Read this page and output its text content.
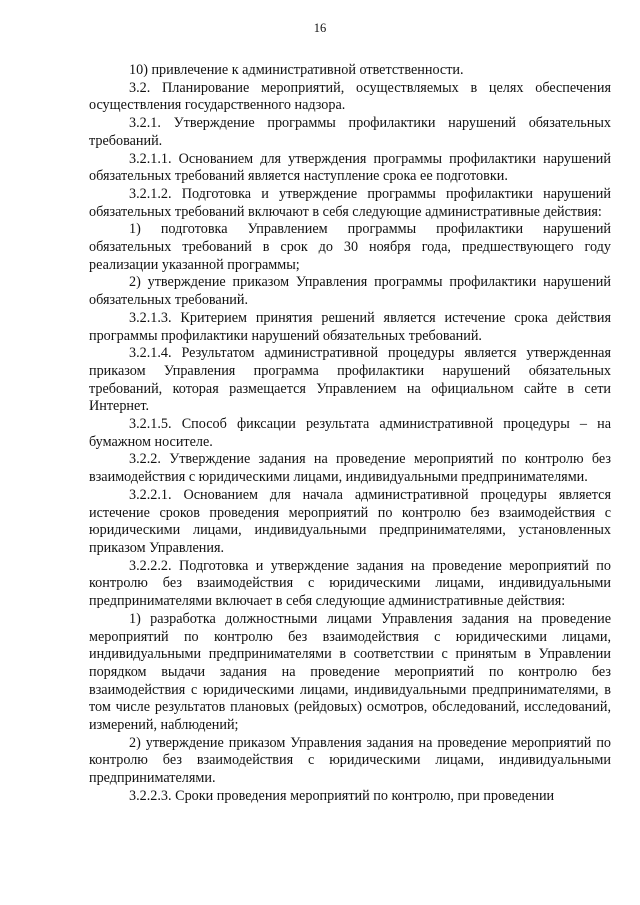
16

10) привлечение к административной ответственности.

3.2. Планирование мероприятий, осуществляемых в целях обеспечения осуществления государственного надзора.

3.2.1. Утверждение программы профилактики нарушений обязательных требований.

3.2.1.1. Основанием для утверждения программы профилактики нарушений обязательных требований является наступление срока ее подготовки.

3.2.1.2. Подготовка и утверждение программы профилактики нарушений обязательных требований включают в себя следующие административные действия:

1) подготовка Управлением программы профилактики нарушений обязательных требований в срок до 30 ноября года, предшествующего году реализации указанной программы;

2) утверждение приказом Управления программы профилактики нарушений обязательных требований.

3.2.1.3. Критерием принятия решений является истечение срока действия программы профилактики нарушений обязательных требований.

3.2.1.4. Результатом административной процедуры является утвержденная приказом Управления программа профилактики нарушений обязательных требований, которая размещается Управлением на официальном сайте в сети Интернет.

3.2.1.5. Способ фиксации результата административной процедуры – на бумажном носителе.

3.2.2. Утверждение задания на проведение мероприятий по контролю без взаимодействия с юридическими лицами, индивидуальными предпринимателями.

3.2.2.1. Основанием для начала административной процедуры является истечение сроков проведения мероприятий по контролю без взаимодействия с юридическими лицами, индивидуальными предпринимателями, установленных приказом Управления.

3.2.2.2. Подготовка и утверждение задания на проведение мероприятий по контролю без взаимодействия с юридическими лицами, индивидуальными предпринимателями включает в себя следующие административные действия:

1) разработка должностными лицами Управления задания на проведение мероприятий по контролю без взаимодействия с юридическими лицами, индивидуальными предпринимателями в соответствии с принятым в Управлении порядком выдачи задания на проведение мероприятий по контролю без взаимодействия с юридическими лицами, индивидуальными предпринимателями, в том числе результатов плановых (рейдовых) осмотров, обследований, исследований, измерений, наблюдений;

2) утверждение приказом Управления задания на проведение мероприятий по контролю без взаимодействия с юридическими лицами, индивидуальными предпринимателями.

3.2.2.3. Сроки проведения мероприятий по контролю, при проведении
